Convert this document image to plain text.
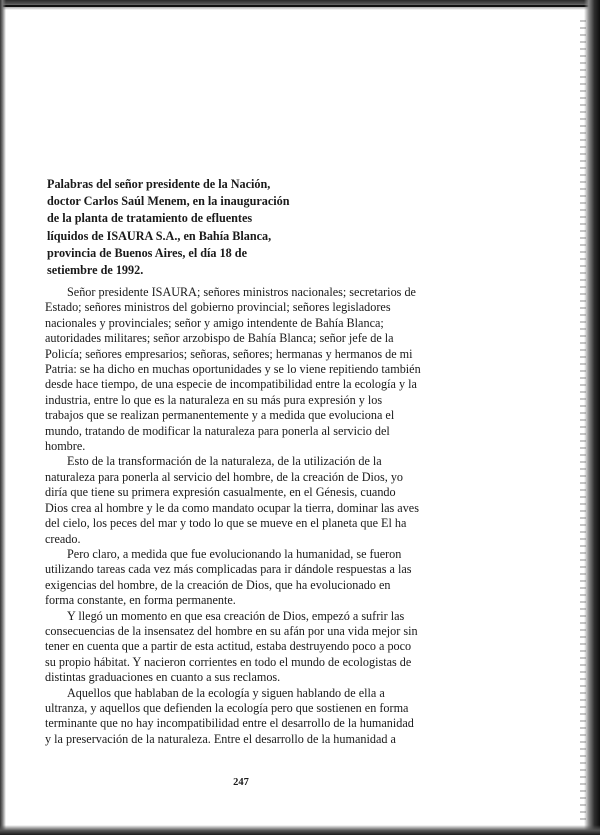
Palabras del señor presidente de la Nación,
doctor Carlos Saúl Menem, en la inauguración
de la planta de tratamiento de efluentes
líquidos de ISAURA S.A., en Bahía Blanca,
provincia de Buenos Aires, el día 18 de
setiembre de 1992.
Señor presidente ISAURA; señores ministros nacionales; secretarios de
Estado; señores ministros del gobierno provincial; señores legisladores
nacionales y provinciales; señor y amigo intendente de Bahía Blanca;
autoridades militares; señor arzobispo de Bahía Blanca; señor jefe de la
Policía; señores empresarios; señoras, señores; hermanas y hermanos de mi
Patria: se ha dicho en muchas oportunidades y se lo viene repitiendo también
desde hace tiempo, de una especie de incompatibilidad entre la ecología y la
industria, entre lo que es la naturaleza en su más pura expresión y los
trabajos que se realizan permanentemente y a medida que evoluciona el
mundo, tratando de modificar la naturaleza para ponerla al servicio del
hombre.
Esto de la transformación de la naturaleza, de la utilización de la
naturaleza para ponerla al servicio del hombre, de la creación de Dios, yo
diría que tiene su primera expresión casualmente, en el Génesis, cuando
Dios crea al hombre y le da como mandato ocupar la tierra, dominar las aves
del cielo, los peces del mar y todo lo que se mueve en el planeta que El ha
creado.
Pero claro, a medida que fue evolucionando la humanidad, se fueron
utilizando tareas cada vez más complicadas para ir dándole respuestas a las
exigencias del hombre, de la creación de Dios, que ha evolucionado en
forma constante, en forma permanente.
Y llegó un momento en que esa creación de Dios, empezó a sufrir las
consecuencias de la insensatez del hombre en su afán por una vida mejor sin
tener en cuenta que a partir de esta actitud, estaba destruyendo poco a poco
su propio hábitat. Y nacieron corrientes en todo el mundo de ecologistas de
distintas graduaciones en cuanto a sus reclamos.
Aquellos que hablaban de la ecología y siguen hablando de ella a
ultranza, y aquellos que defienden la ecología pero que sostienen en forma
terminante que no hay incompatibilidad entre el desarrollo de la humanidad
y la preservación de la naturaleza. Entre el desarrollo de la humanidad a
247
